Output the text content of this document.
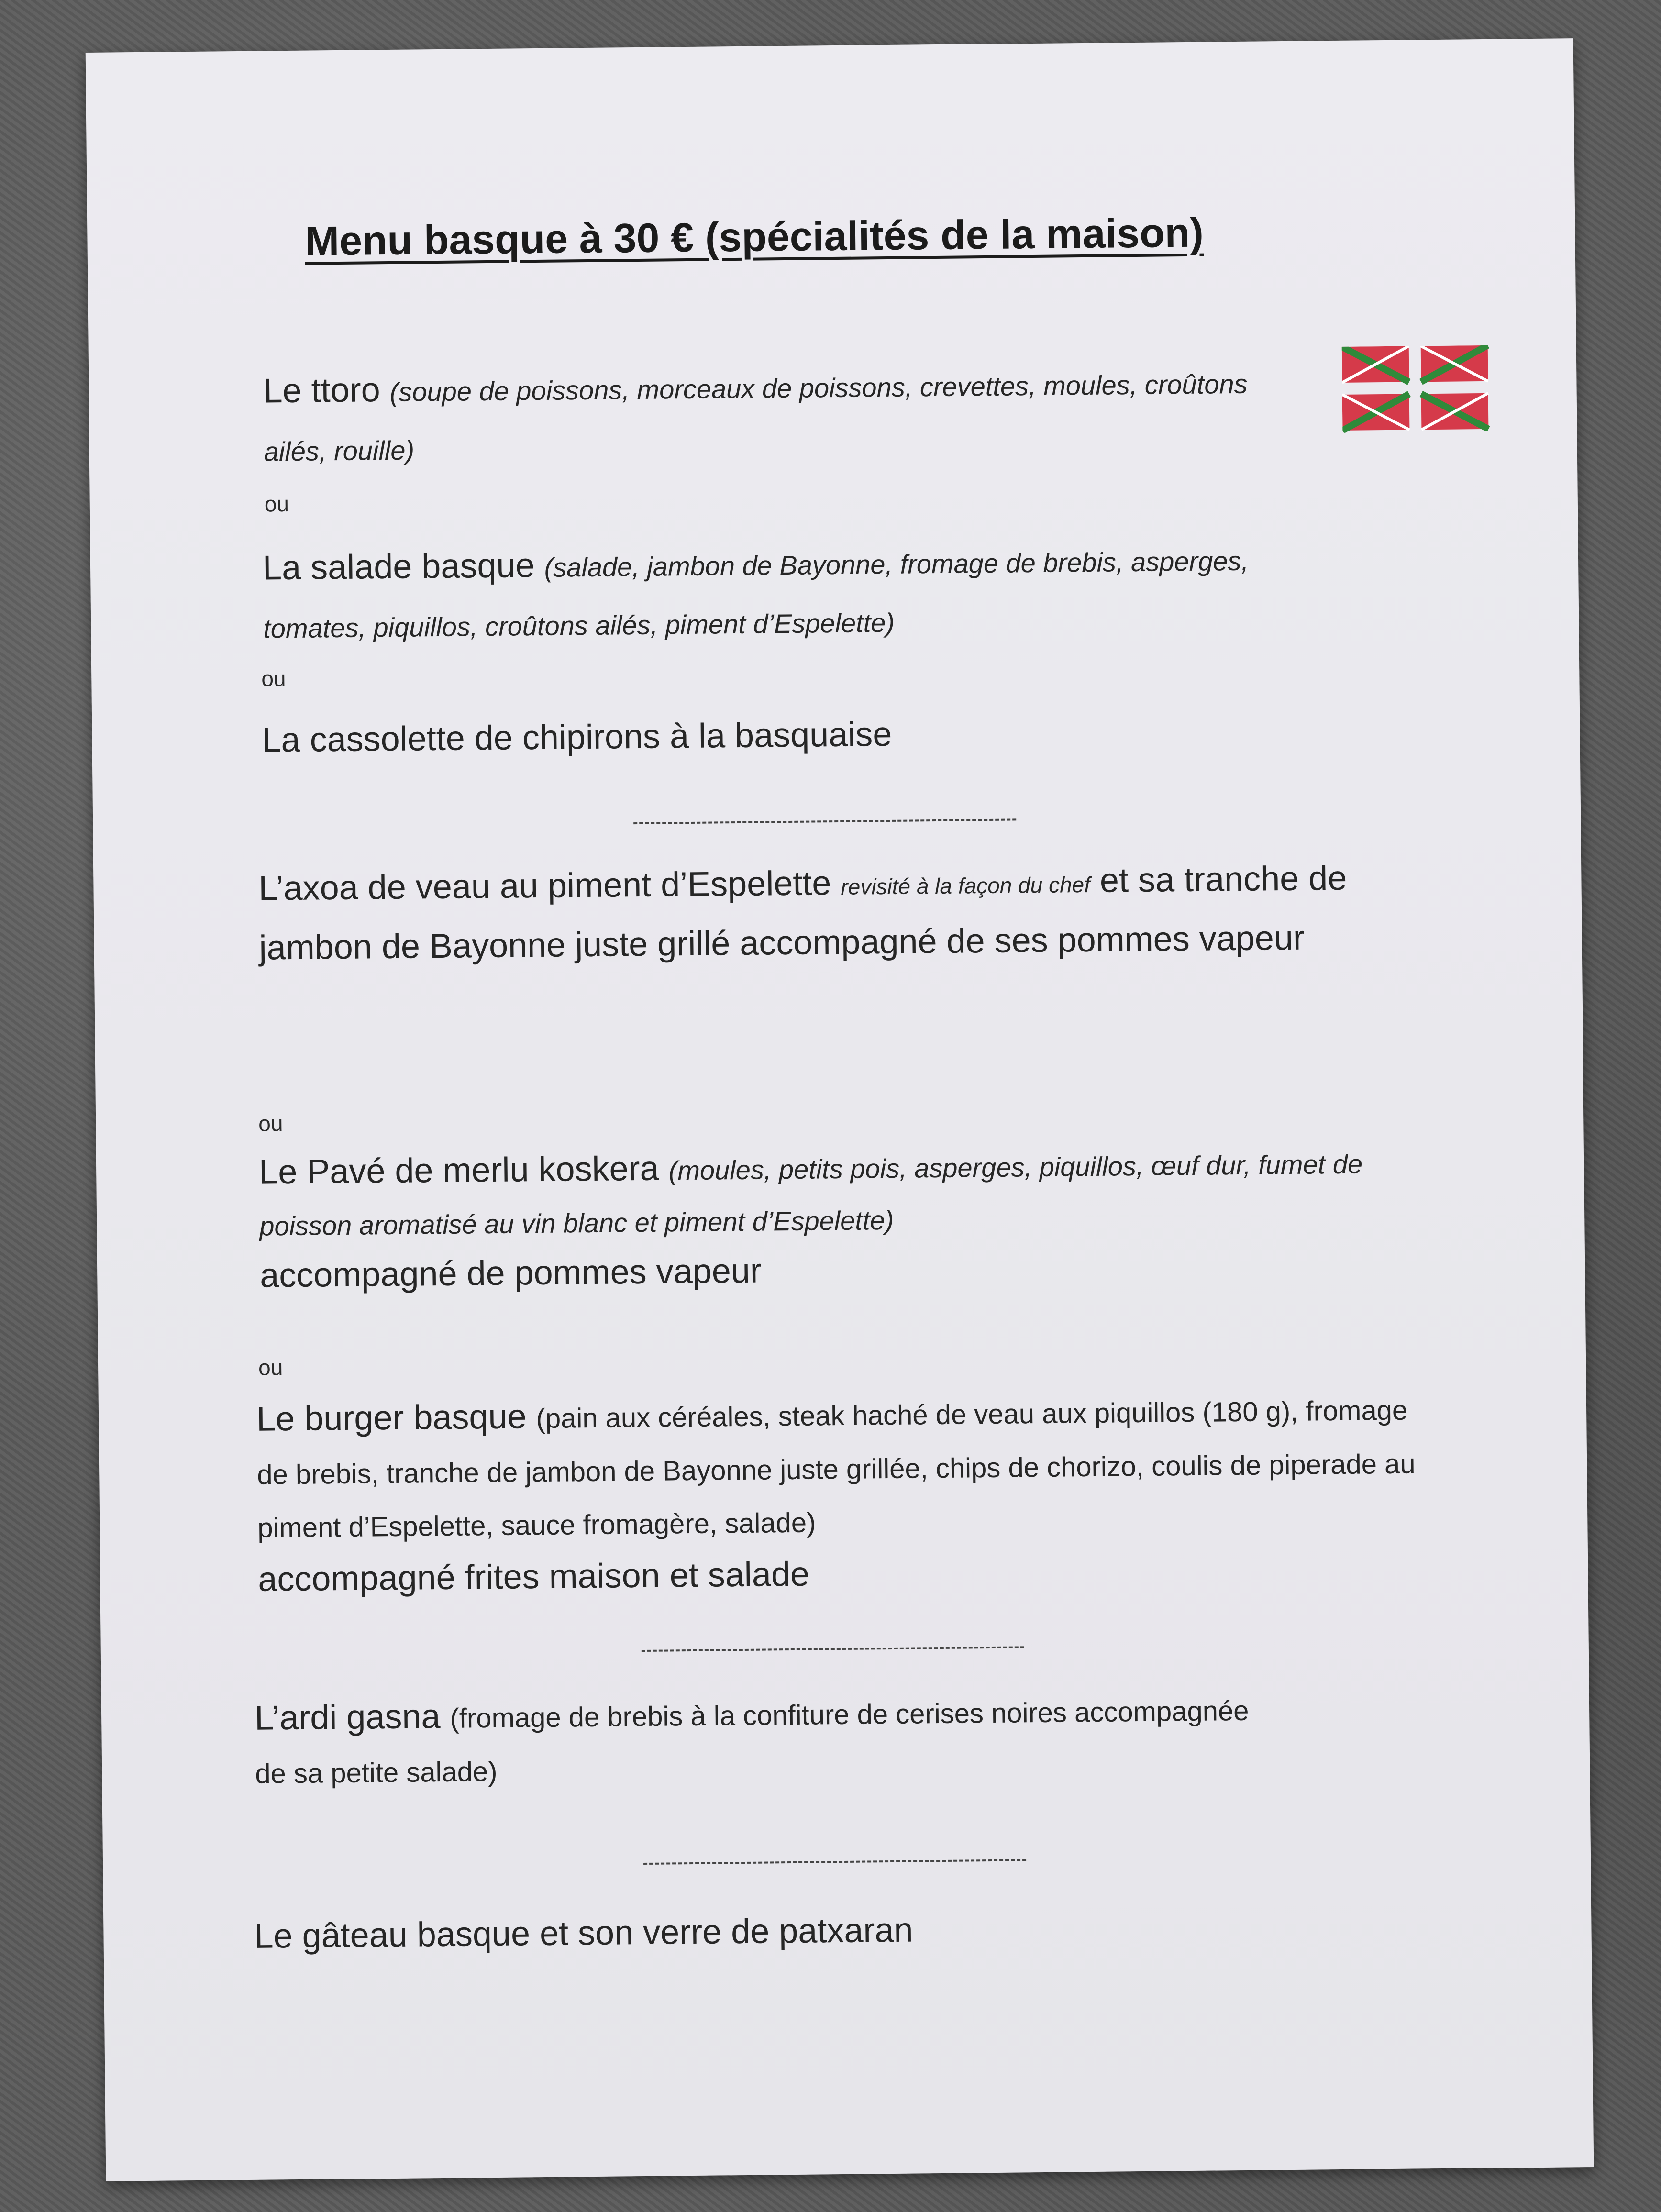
Menu basque à 30 € (spécialités de la maison)
Le ttoro (soupe de poissons, morceaux de poissons, crevettes, moules, croûtons ailés, rouille)
ou
La salade basque (salade, jambon de Bayonne, fromage de brebis, asperges, tomates, piquillos, croûtons ailés, piment d’Espelette)
ou
La cassolette de chipirons à la basquaise
L’axoa de veau au piment d’Espelette revisité à la façon du chef et sa tranche de jambon de Bayonne juste grillé accompagné de ses pommes vapeur
ou
Le Pavé de merlu koskera (moules, petits pois, asperges, piquillos, œuf dur, fumet de poisson aromatisé au vin blanc et piment d’Espelette)
accompagné de pommes vapeur
ou
Le burger basque (pain aux céréales, steak haché de veau aux piquillos (180 g), fromage de brebis, tranche de jambon de Bayonne juste grillée, chips de chorizo, coulis de piperade au piment d’Espelette, sauce fromagère, salade)
accompagné frites maison et salade
L’ardi gasna (fromage de brebis à la confiture de cerises noires accompagnée de sa petite salade)
Le gâteau basque et son verre de patxaran
